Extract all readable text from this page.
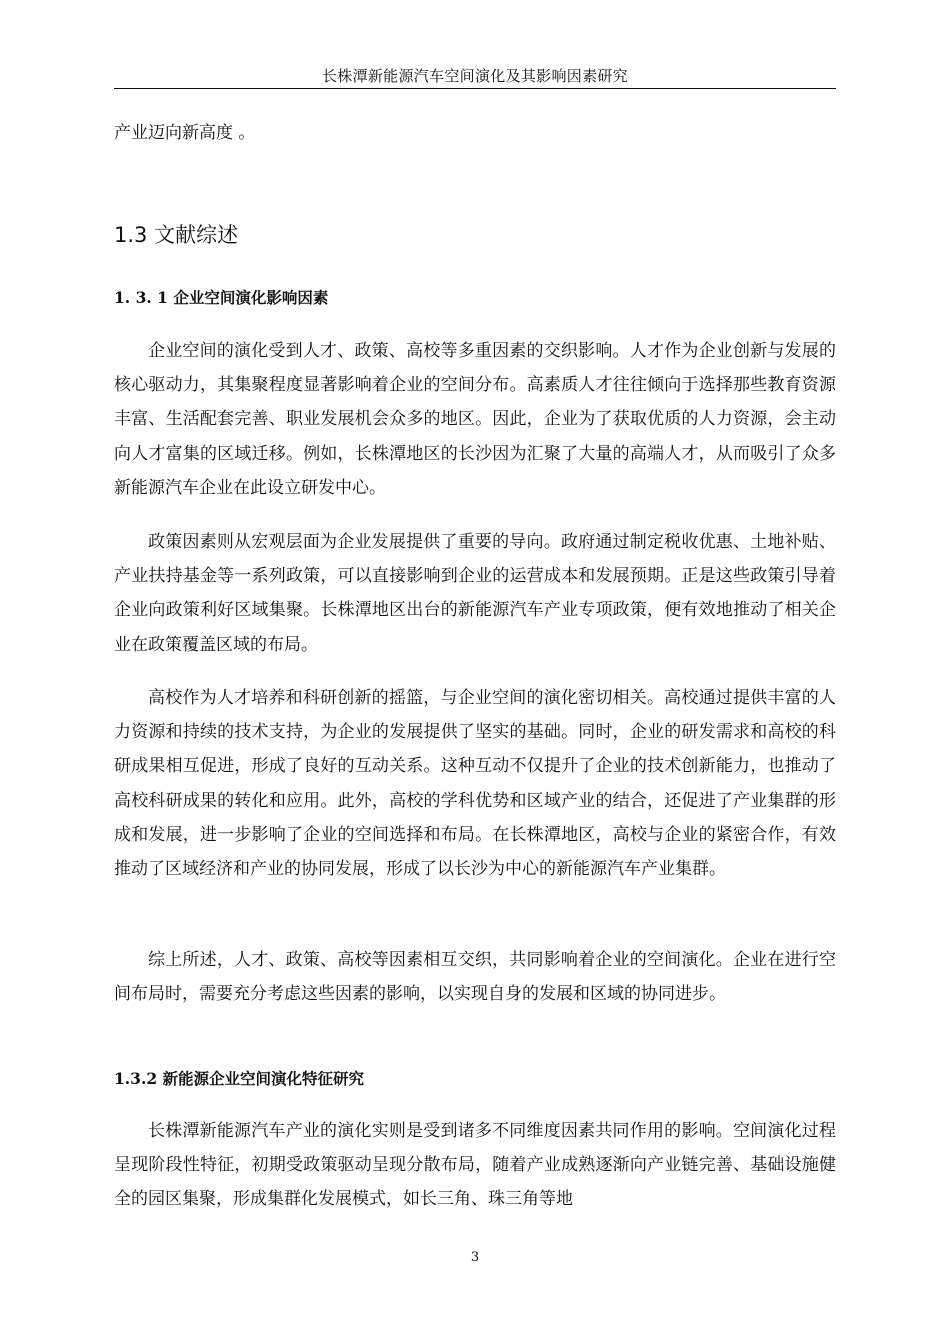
长株潭新能源汽车空间演化及其影响因素研究
产业迈向新高度 。
1.3 文献综述
1. 3. 1 企业空间演化影响因素

企业空间的演化受到人才、政策、高校等多重因素的交织影响。人才作为企业创新与发展的核心驱动力，其集聚程度显著影响着企业的空间分布。高素质人才往往倾向于选择那些教育资源丰富、生活配套完善、职业发展机会众多的地区。因此，企业为了获取优质的人力资源，会主动向人才富集的区域迁移。例如，长株潭地区的长沙因为汇聚了大量的高端人才，从而吸引了众多新能源汽车企业在此设立研发中心。

政策因素则从宏观层面为企业发展提供了重要的导向。政府通过制定税收优惠、土地补贴、产业扶持基金等一系列政策，可以直接影响到企业的运营成本和发展预期。正是这些政策引导着企业向政策利好区域集聚。长株潭地区出台的新能源汽车产业专项政策，便有效地推动了相关企业在政策覆盖区域的布局。

高校作为人才培养和科研创新的摇篮，与企业空间的演化密切相关。高校通过提供丰富的人力资源和持续的技术支持，为企业的发展提供了坚实的基础。同时，企业的研发需求和高校的科研成果相互促进，形成了良好的互动关系。这种互动不仅提升了企业的技术创新能力，也推动了高校科研成果的转化和应用。此外，高校的学科优势和区域产业的结合，还促进了产业集群的形成和发展，进一步影响了企业的空间选择和布局。在长株潭地区，高校与企业的紧密合作，有效推动了区域经济和产业的协同发展，形成了以长沙为中心的新能源汽车产业集群。

综上所述，人才、政策、高校等因素相互交织，共同影响着企业的空间演化。企业在进行空间布局时，需要充分考虑这些因素的影响，以实现自身的发展和区域的协同进步。

1.3.2 新能源企业空间演化特征研究

长株潭新能源汽车产业的演化实则是受到诸多不同维度因素共同作用的影响。空间演化过程呈现阶段性特征，初期受政策驱动呈现分散布局，随着产业成熟逐渐向产业链完善、基础设施健全的园区集聚，形成集群化发展模式，如长三角、珠三角等地

3
